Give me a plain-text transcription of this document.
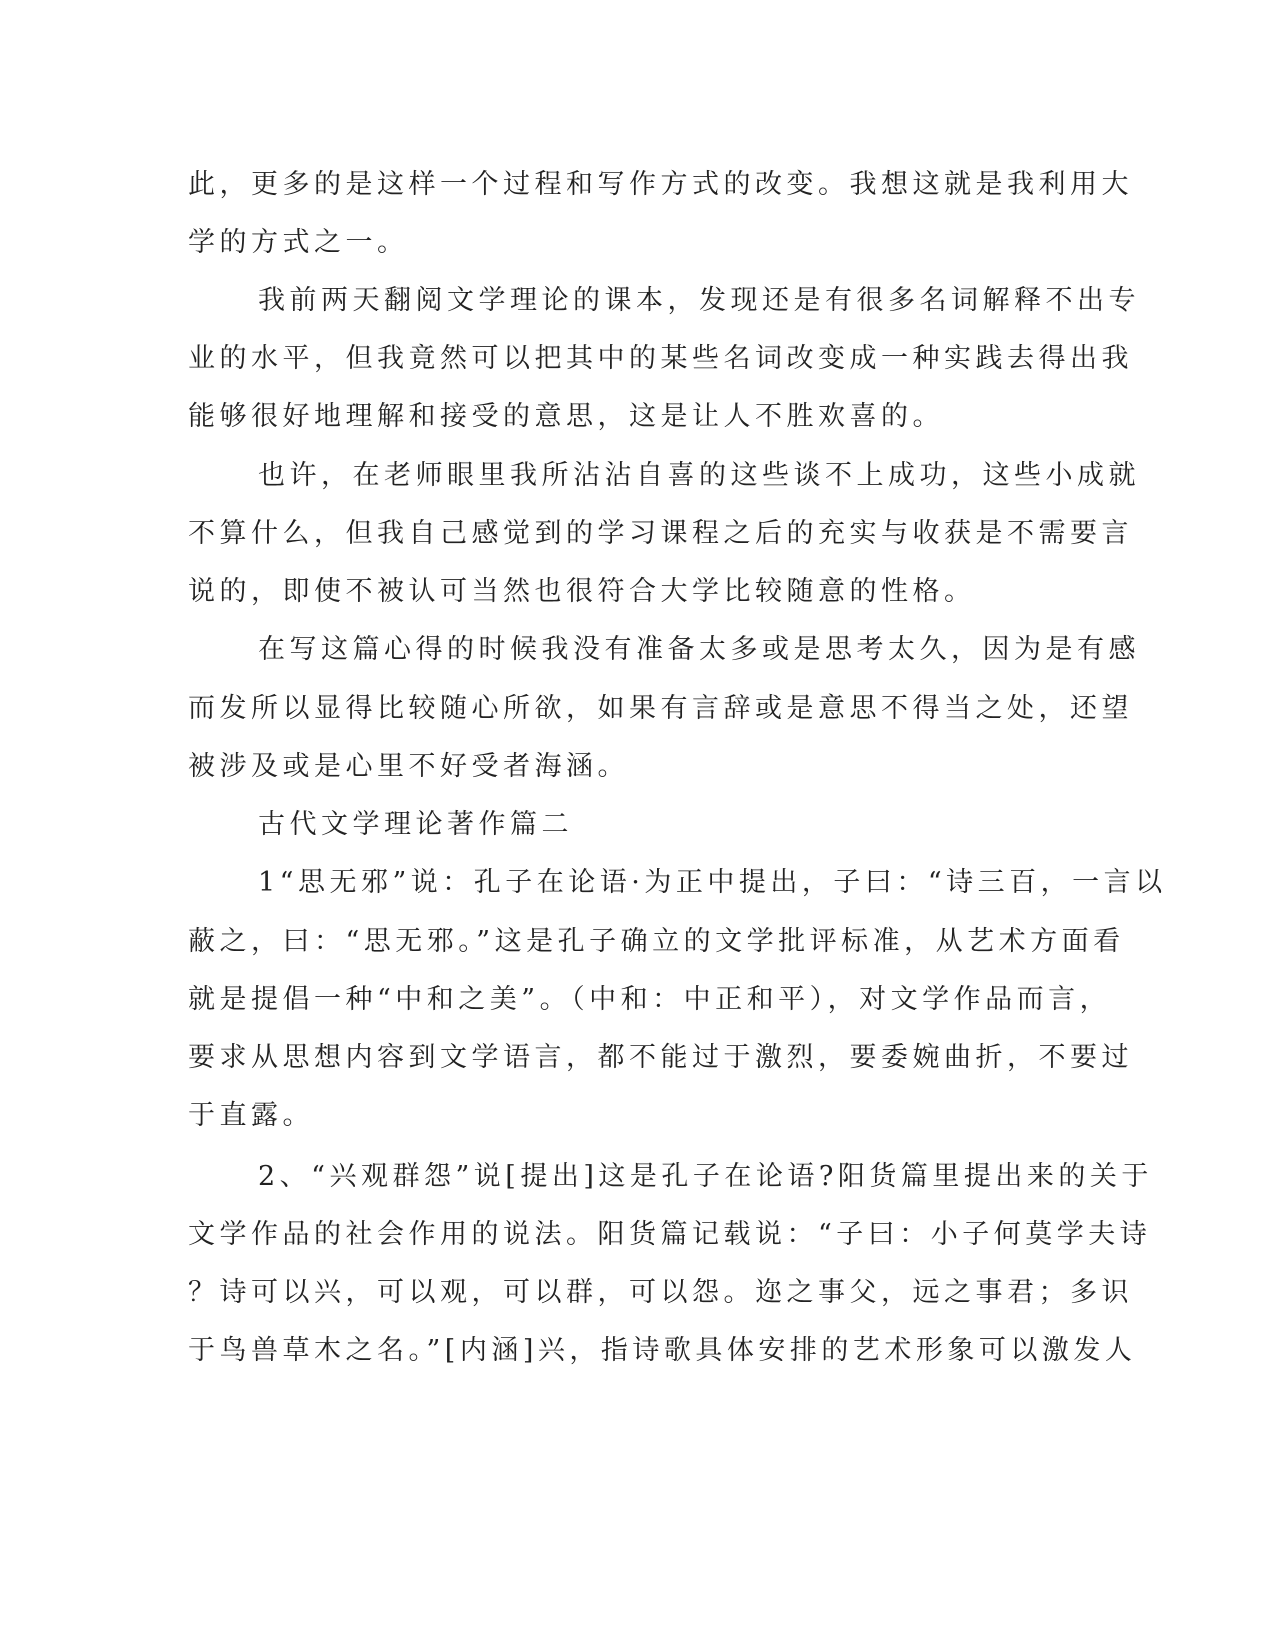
此，更多的是这样一个过程和写作方式的改变。我想这就是我利用大
学的方式之一。
我前两天翻阅文学理论的课本，发现还是有很多名词解释不出专
业的水平，但我竟然可以把其中的某些名词改变成一种实践去得出我
能够很好地理解和接受的意思，这是让人不胜欢喜的。
也许，在老师眼里我所沾沾自喜的这些谈不上成功，这些小成就
不算什么，但我自己感觉到的学习课程之后的充实与收获是不需要言
说的，即使不被认可当然也很符合大学比较随意的性格。
在写这篇心得的时候我没有准备太多或是思考太久，因为是有感
而发所以显得比较随心所欲，如果有言辞或是意思不得当之处，还望
被涉及或是心里不好受者海涵。
古代文学理论著作篇二
1“思无邪”说：孔子在论语·为正中提出，子曰：“诗三百，一言以
蔽之，曰：“思无邪。”这是孔子确立的文学批评标准，从艺术方面看
就是提倡一种“中和之美”。（中和：中正和平），对文学作品而言，
要求从思想内容到文学语言，都不能过于激烈，要委婉曲折，不要过
于直露。
2、“兴观群怨”说[提出]这是孔子在论语?阳货篇里提出来的关于
文学作品的社会作用的说法。阳货篇记载说：“子曰：小子何莫学夫诗
？诗可以兴，可以观，可以群，可以怨。迩之事父，远之事君；多识
于鸟兽草木之名。”[内涵]兴，指诗歌具体安排的艺术形象可以激发人
